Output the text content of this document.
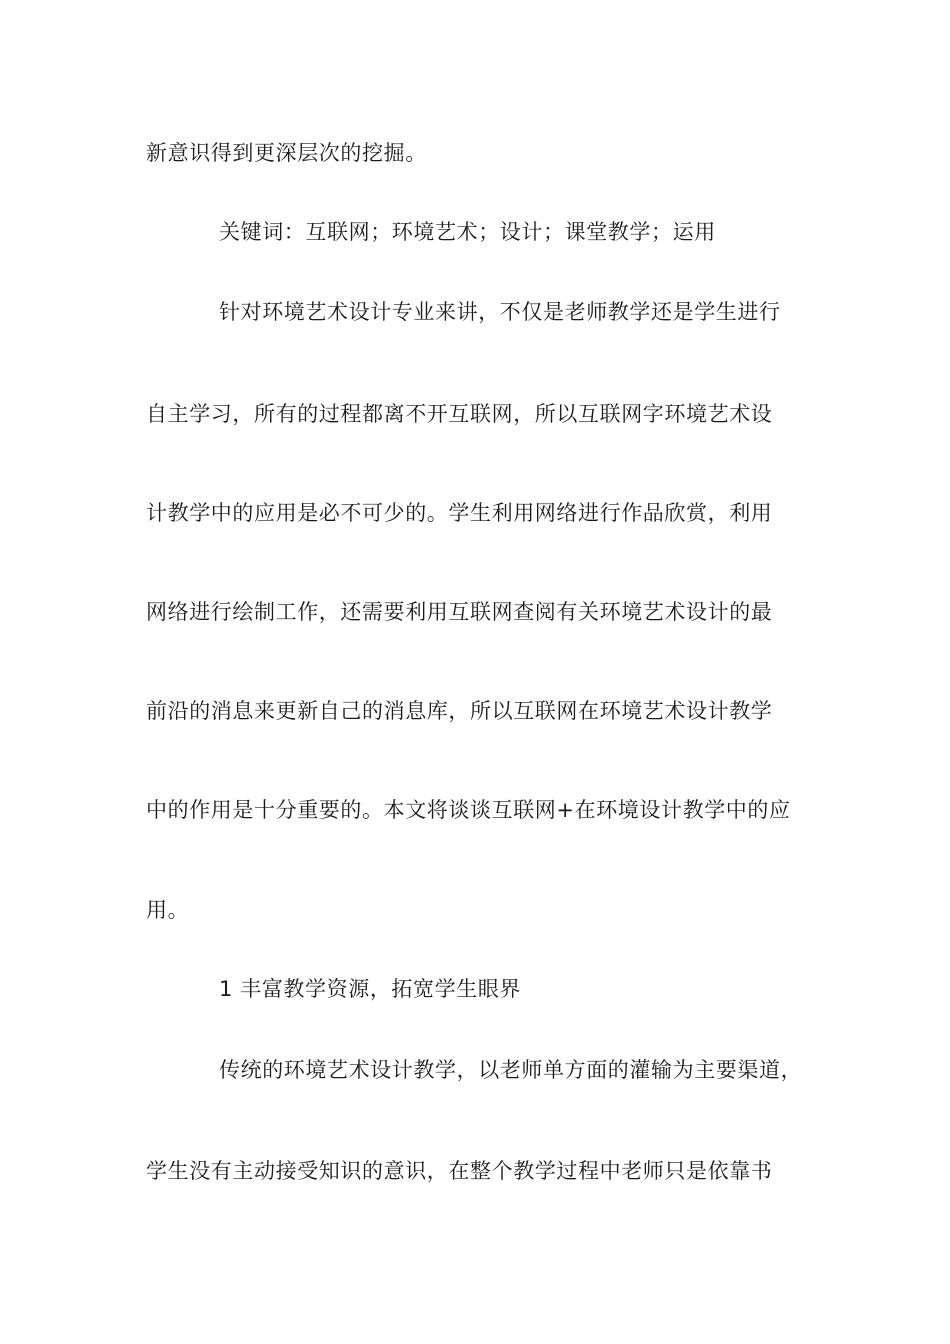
新意识得到更深层次的挖掘。
关键词：互联网；环境艺术；设计；课堂教学；运用
针对环境艺术设计专业来讲，不仅是老师教学还是学生进行
自主学习，所有的过程都离不开互联网，所以互联网字环境艺术设
计教学中的应用是必不可少的。学生利用网络进行作品欣赏，利用
网络进行绘制工作，还需要利用互联网查阅有关环境艺术设计的最
前沿的消息来更新自己的消息库，所以互联网在环境艺术设计教学
中的作用是十分重要的。本文将谈谈互联网+在环境设计教学中的应
用。
1 丰富教学资源，拓宽学生眼界
传统的环境艺术设计教学，以老师单方面的灌输为主要渠道，
学生没有主动接受知识的意识，在整个教学过程中老师只是依靠书
